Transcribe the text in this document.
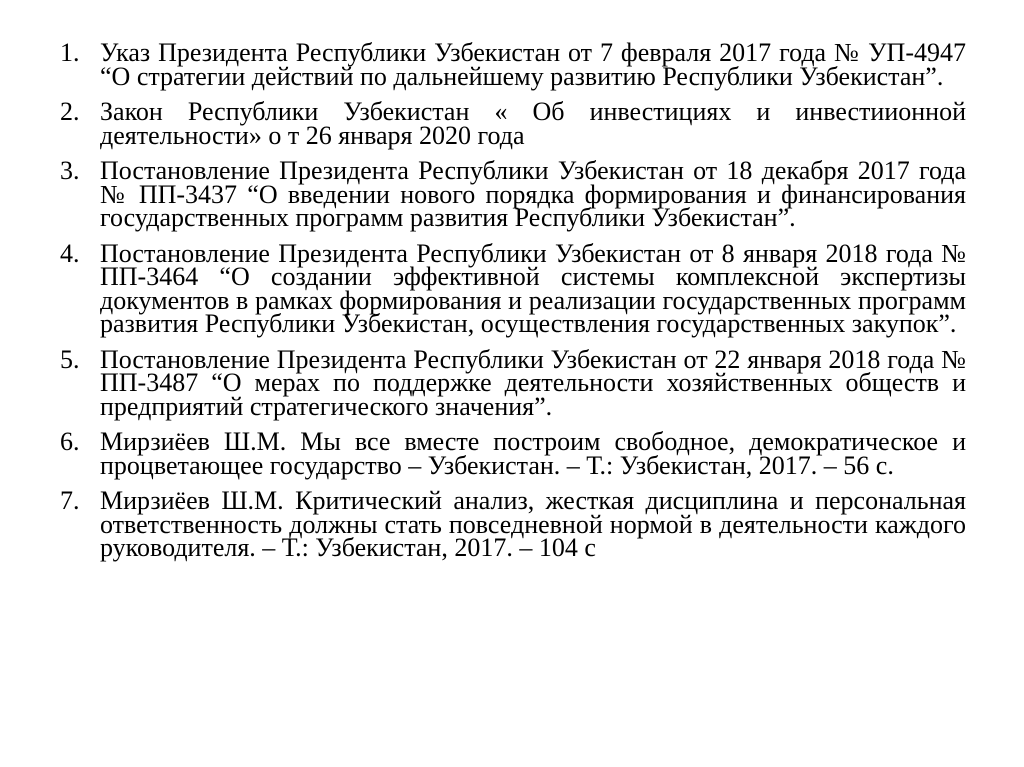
1. Указ Президента Республики Узбекистан от 7 февраля 2017 года № УП-4947 “О стратегии действий по дальнейшему развитию Республики Узбекистан”.
2. Закон Республики Узбекистан « Об инвестициях и инвестиионной деятельности» о т 26 января 2020 года
3. Постановление Президента Республики Узбекистан от 18 декабря 2017 года № ПП-3437 “О введении нового порядка формирования и финансирования государственных программ развития Республики Узбекистан”.
4. Постановление Президента Республики Узбекистан от 8 января 2018 года № ПП-3464 “О создании эффективной системы комплексной экспертизы документов в рамках формирования и реализации государственных программ развития Республики Узбекистан, осуществления государственных закупок”.
5. Постановление Президента Республики Узбекистан от 22 января 2018 года № ПП-3487 “О мерах по поддержке деятельности хозяйственных обществ и предприятий стратегического значения”.
6. Мирзиёев Ш.М. Мы все вместе построим свободное, демократическое и процветающее государство – Узбекистан. – Т.: Узбекистан, 2017. – 56 с.
7. Мирзиёев Ш.М. Критический анализ, жесткая дисциплина и персональная ответственность должны стать повседневной нормой в деятельности каждого руководителя. – Т.: Узбекистан, 2017. – 104 с
